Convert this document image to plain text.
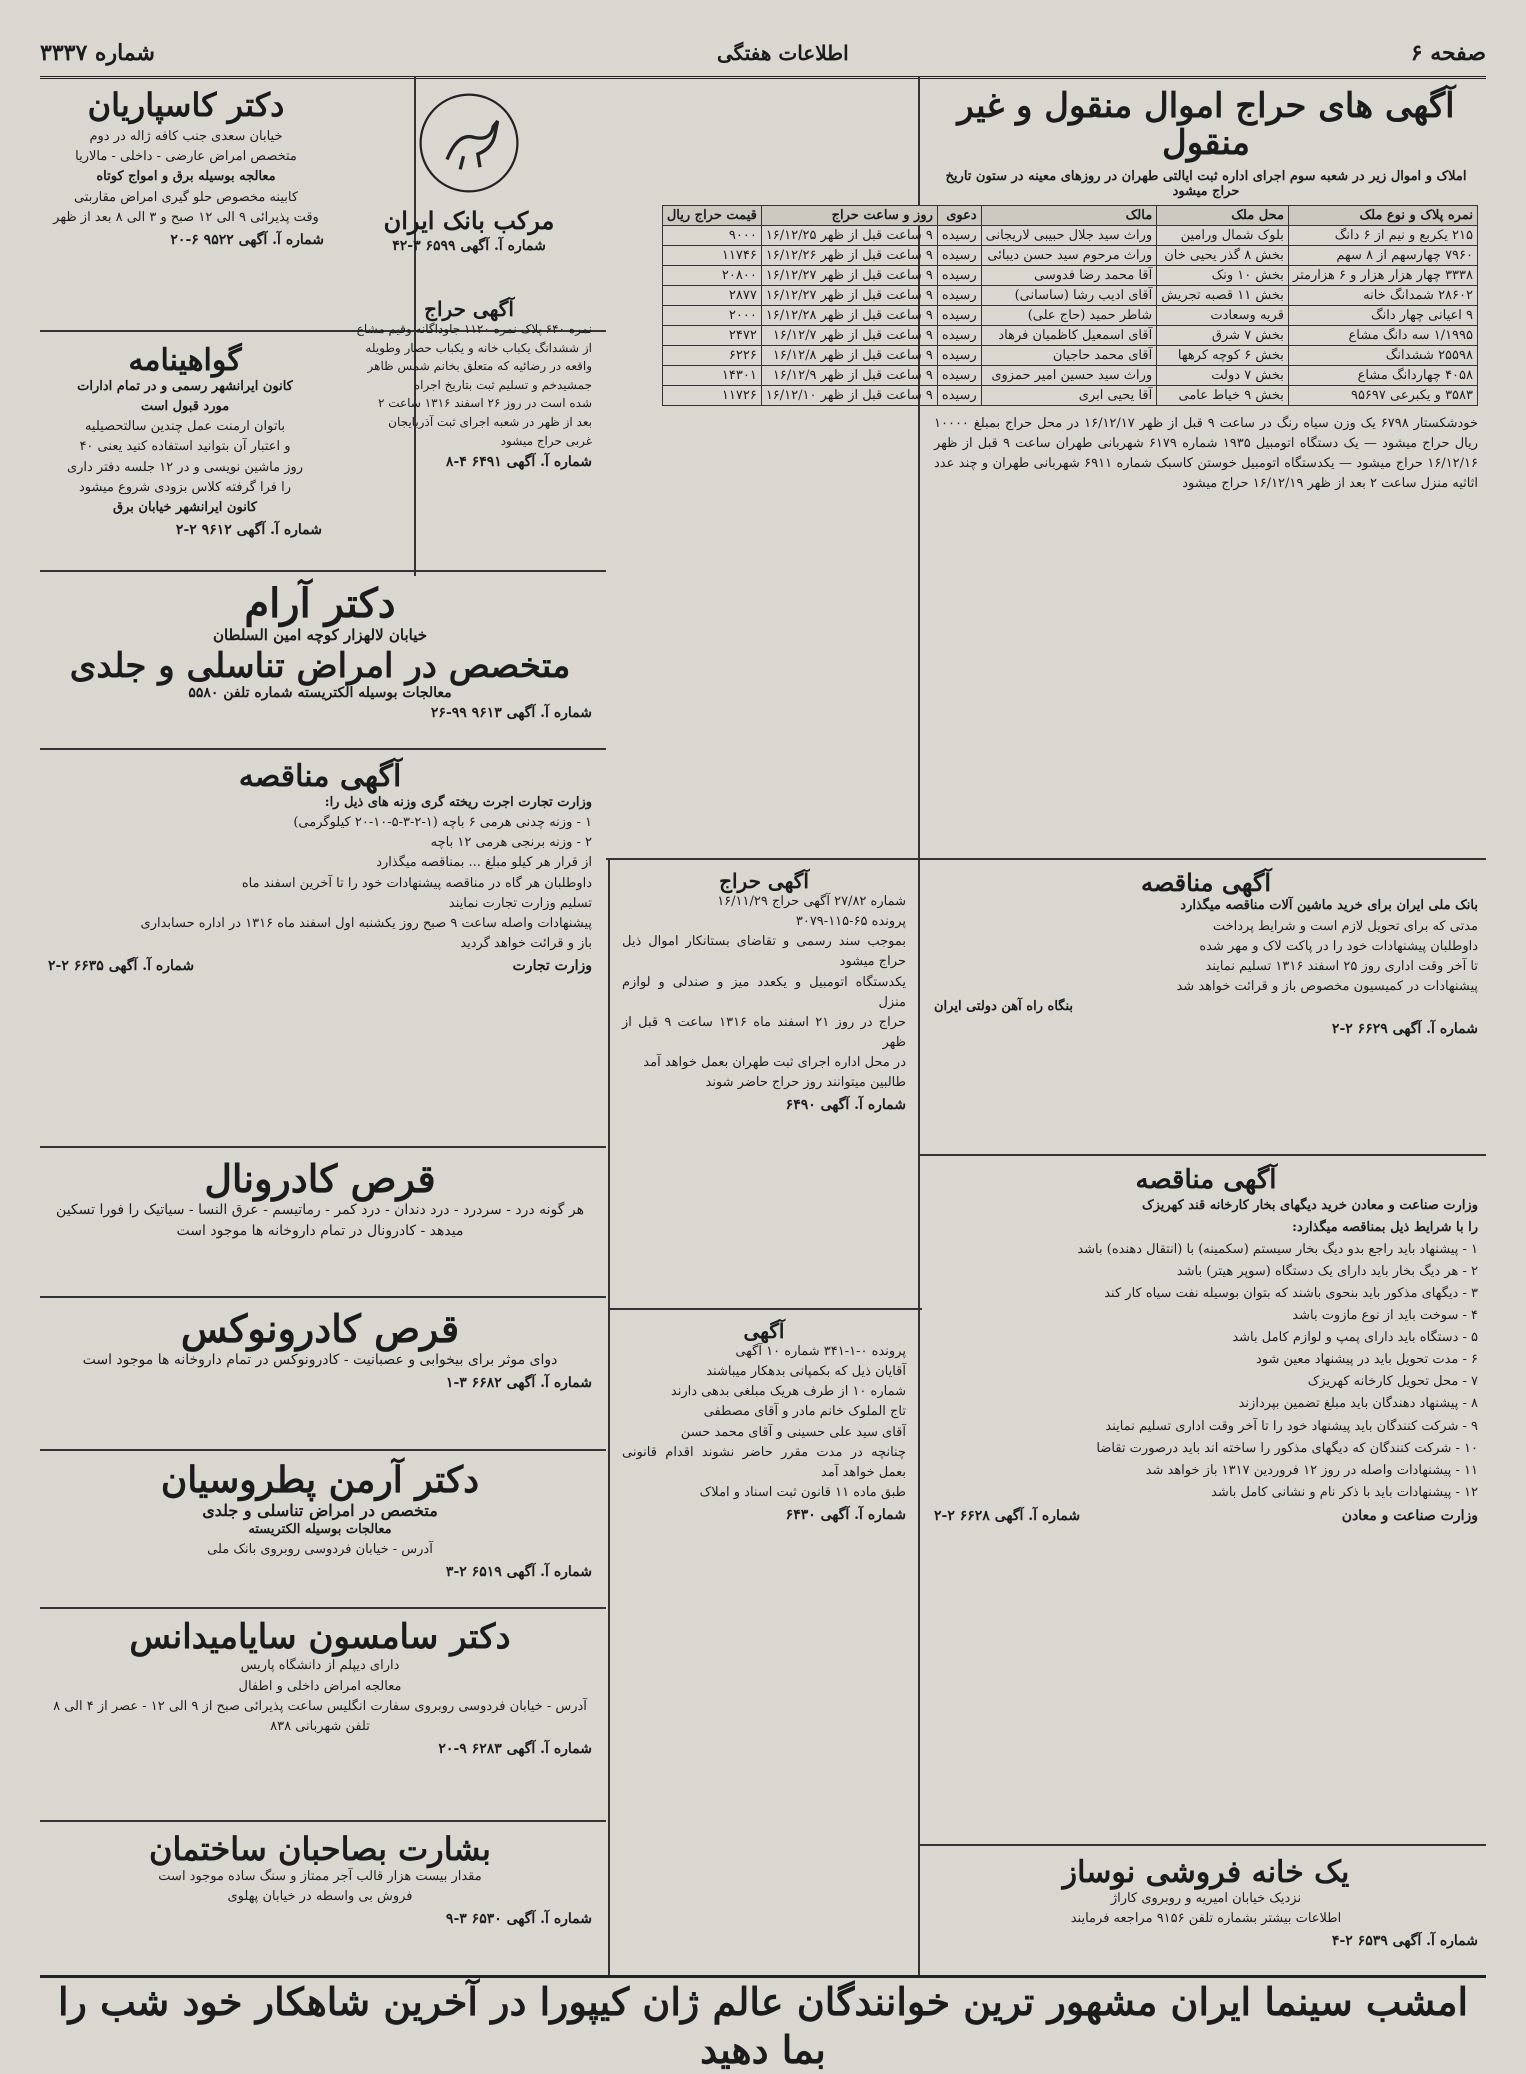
صفحه ۶
اطلاعات هفتگی
شماره ۳۳۳۷
آگهی های حراج اموال منقول و غیر منقول
املاک و اموال زیر در شعبه سوم اجرای اداره ثبت ایالتی طهران در روزهای معینه در ستون تاریخ حراج میشود
نمره پلاک و نوع ملک	محل ملک	مالک	دعوی	روز و ساعت حراج	قیمت حراج ریال
۲۱۵ یکربع و نیم از ۶ دانگ	بلوک شمال ورامین	وراث سید جلال حبیبی لاریجانی	رسیده	۹ ساعت قبل از ظهر ۱۶/۱۲/۲۵	۹۰۰۰
۷۹۶۰ چهارسهم از ۸ سهم	بخش ۸ گذر یحیی خان	وراث مرحوم سید حسن دیبائی	رسیده	۹ ساعت قبل از ظهر ۱۶/۱۲/۲۶	۱۱۷۴۶
۳۳۳۸ چهار هزار هزار و ۶ هزارمتر	بخش ۱۰ ونک	آقا محمد رضا فدوسی	رسیده	۹ ساعت قبل از ظهر ۱۶/۱۲/۲۷	۲۰۸۰۰
۲۸۶۰۲ شمدانگ خانه	بخش ۱۱ قصبه تجریش	آقای ادیب رشا (ساسانی)	رسیده	۹ ساعت قبل از ظهر ۱۶/۱۲/۲۷	۲۸۷۷
۹ اعیانی چهار دانگ	قریه وسعادت	شاطر حمید (حاج علی)	رسیده	۹ ساعت قبل از ظهر ۱۶/۱۲/۲۸	۲۰۰۰
۱/۱۹۹۵ سه دانگ مشاع	بخش ۷ شرق	آقای اسمعیل کاظمیان فرهاد	رسیده	۹ ساعت قبل از ظهر ۱۶/۱۲/۷	۲۴۷۲
۲۵۵۹۸ ششدانگ	بخش ۶ کوچه کرهها	آقای محمد حاجیان	رسیده	۹ ساعت قبل از ظهر ۱۶/۱۲/۸	۶۲۲۶
۴۰۵۸ چهاردانگ مشاع	بخش ۷ دولت	وراث سید حسین امیر حمزوی	رسیده	۹ ساعت قبل از ظهر ۱۶/۱۲/۹	۱۴۳۰۱
۳۵۸۳ و یکبرعی ۹۵۶۹۷	بخش ۹ خیاط عامی	آقا یحیی ابری	رسیده	۹ ساعت قبل از ظهر ۱۶/۱۲/۱۰	۱۱۷۲۶
خودشکستار ۶۷۹۸ یک وزن سیاه رنگ در ساعت ۹ قبل از ظهر ۱۶/۱۲/۱۷ در محل حراج بمبلغ ۱۰۰۰۰ ریال حراج میشود — یک دستگاه اتومبیل ۱۹۳۵ شماره ۶۱۷۹ شهربانی طهران ساعت ۹ قبل از ظهر ۱۶/۱۲/۱۶ حراج میشود — یکدستگاه اتومبیل خوستن کاسبک شماره ۶۹۱۱ شهربانی طهران و چند عدد اثاثیه منزل ساعت ۲ بعد از ظهر ۱۶/۱۲/۱۹ حراج میشود
دکتر کاسپاریان
خیابان سعدی جنب کافه ژاله در دوم
متخصص امراض عارضی - داخلی - مالاریا
معالجه بوسیله برق و امواج کوتاه
کابینه مخصوص حلو گیری امراض مقاربتی
وقت پذیرائی ۹ الی ۱۲ صبح و ۳ الی ۸ بعد از ظهر
شماره آ. آگهی ۹۵۲۲ ۶-۲۰
مرکب بانک ایران
شماره آ. آگهی ۶۵۹۹ ۳-۴۲
گواهینامه
کانون ایرانشهر رسمی و در تمام ادارات
مورد قبول است
باتوان ارمنت عمل چندین سالتحصیلیه
و اعتبار آن بتوانید استفاده کنید یعنی ۴۰
روز ماشین نویسی و در ۱۲ جلسه دفتر داری
را فرا گرفته کلاس بزودی شروع میشود
کانون ایرانشهر خیابان برق
شماره آ. آگهی ۹۶۱۲ ۲-۲
آگهی حراج
نمره ۶۴۰ پلاک نمره ۱۱۲۰ جاوداگانه وقیم مشاع
از ششدانگ یکباب خانه و یکباب حصار وطویله
واقعه در رضائیه که متعلق بخانم شمس ظاهر
جمشیدخم و تسلیم ثبت بتاریخ اجراه
شده است در روز ۲۶ اسفند ۱۳۱۶ ساعت ۲
بعد از ظهر در شعبه اجرای ثبت آذربایجان
غربی حراج میشود
شماره آ. آگهی ۶۴۹۱ ۴-۸
دکتر آرام
خیابان لالهزار کوچه امین السلطان
متخصص در امراض تناسلی و جلدی
معالجات بوسیله الکتریسته شماره تلفن ۵۵۸۰
شماره آ. آگهی ۹۶۱۳ ۹۹-۲۶
آگهی مناقصه
وزارت تجارت اجرت ریخته گری وزنه های ذیل را:
۱ - وزنه چدنی هرمی ۶ باچه (۱-۲-۳-۵-۱۰-۲۰ کیلوگرمی)
۲ - وزنه برنجی هرمی ۱۲ باچه
از قرار هر کیلو مبلغ ... بمناقصه میگذارد
داوطلبان هر گاه در مناقصه پیشنهادات خود را تا آخرین اسفند ماه
تسلیم وزارت تجارت نمایند
پیشنهادات واصله ساعت ۹ صبح روز یکشنبه اول اسفند ماه ۱۳۱۶ در اداره حسابداری
باز و قرائت خواهد گردید
وزارت تجارت
شماره آ. آگهی ۶۶۳۵ ۲-۲
قرص کادرونال
هر گونه درد - سردرد - درد دندان - درد کمر - رماتیسم - عرق النسا - سیاتیک را فورا تسکین میدهد - کادرونال در تمام داروخانه ها موجود است
قرص کادرونوکس
دوای موثر برای بیخوابی و عصبانیت - کادرونوکس در تمام داروخانه ها موجود است
شماره آ. آگهی ۶۶۸۲ ۳-۱
دکتر آرمن پطروسیان
متخصص در امراض تناسلی و جلدی
معالجات بوسیله الکتریسته
آدرس - خیابان فردوسی روبروی بانک ملی
شماره آ. آگهی ۶۵۱۹ ۲-۳
دکتر سامسون سایامیدانس
دارای دیپلم از دانشگاه پاریس
معالجه امراض داخلی و اطفال
آدرس - خیابان فردوسی روبروی سفارت انگلیس ساعت پذیرائی صبح از ۹ الی ۱۲ - عصر از ۴ الی ۸
تلفن شهربانی ۸۳۸
شماره آ. آگهی ۶۲۸۳ ۹-۲۰
بشارت بصاحبان ساختمان
مقدار بیست هزار قالب آجر ممتاز و سنگ ساده موجود است
فروش بی واسطه در خیابان پهلوی
شماره آ. آگهی ۶۵۳۰ ۳-۹
آگهی حراج
شماره ۲۷/۸۲ آگهی حراج ۱۶/۱۱/۲۹
پرونده ۶۵-۱۱۵-۳۰۷۹
بموجب سند رسمی و تقاضای بستانکار اموال ذیل حراج میشود
یکدستگاه اتومبیل و یکعدد میز و صندلی و لوازم منزل
حراج در روز ۲۱ اسفند ماه ۱۳۱۶ ساعت ۹ قبل از ظهر
در محل اداره اجرای ثبت طهران بعمل خواهد آمد
طالبین میتوانند روز حراج حاضر شوند
شماره آ. آگهی ۶۴۹۰
آگهی
پرونده ۰-۱-۳۴۱ شماره ۱۰ آگهی
آقایان ذیل که بکمپانی بدهکار میباشند
شماره ۱۰ از طرف هریک مبلغی بدهی دارند
تاج الملوک خانم مادر و آقای مصطفی
آقای سید علی حسینی و آقای محمد حسن
چنانچه در مدت مقرر حاضر نشوند اقدام قانونی بعمل خواهد آمد
طبق ماده ۱۱ قانون ثبت اسناد و املاک
شماره آ. آگهی ۶۴۳۰
آگهی مناقصه
بانک ملی ایران برای خرید ماشین آلات مناقصه میگذارد
مدتی که برای تحویل لازم است و شرایط پرداخت
داوطلبان پیشنهادات خود را در پاکت لاک و مهر شده
تا آخر وقت اداری روز ۲۵ اسفند ۱۳۱۶ تسلیم نمایند
پیشنهادات در کمیسیون مخصوص باز و قرائت خواهد شد
بنگاه راه آهن دولتی ایران
شماره آ. آگهی ۶۶۲۹ ۲-۲
آگهی مناقصه
وزارت صناعت و معادن خرید دیگهای بخار کارخانه قند کهریزک
را با شرایط ذیل بمناقصه میگذارد:
۱ - پیشنهاد باید راجع بدو دیگ بخار سیستم (سکمینه) با (انتقال دهنده) باشد
۲ - هر دیگ بخار باید دارای یک دستگاه (سوپر هیتر) باشد
۳ - دیگهای مذکور باید بنحوی باشند که بتوان بوسیله نفت سیاه کار کند
۴ - سوخت باید از نوع مازوت باشد
۵ - دستگاه باید دارای پمپ و لوازم کامل باشد
۶ - مدت تحویل باید در پیشنهاد معین شود
۷ - محل تحویل کارخانه کهریزک
۸ - پیشنهاد دهندگان باید مبلغ تضمین بپردازند
۹ - شرکت کنندگان باید پیشنهاد خود را تا آخر وقت اداری تسلیم نمایند
۱۰ - شرکت کنندگان که دیگهای مذکور را ساخته اند باید درصورت تقاضا
۱۱ - پیشنهادات واصله در روز ۱۲ فروردین ۱۳۱۷ باز خواهد شد
۱۲ - پیشنهادات باید با ذکر نام و نشانی کامل باشد
وزارت صناعت و معادن
شماره آ. آگهی ۶۶۲۸ ۲-۲
یک خانه فروشی نوساز
نزدیک خیابان امیریه و روبروی کاراژ
اطلاعات بیشتر بشماره تلفن ۹۱۵۶ مراجعه فرمایند
شماره آ. آگهی ۶۵۳۹ ۲-۴
امشب سینما ایران مشهور ترین خوانندگان عالم ژان کیپورا در آخرین شاهکار خود شب را بما دهید
